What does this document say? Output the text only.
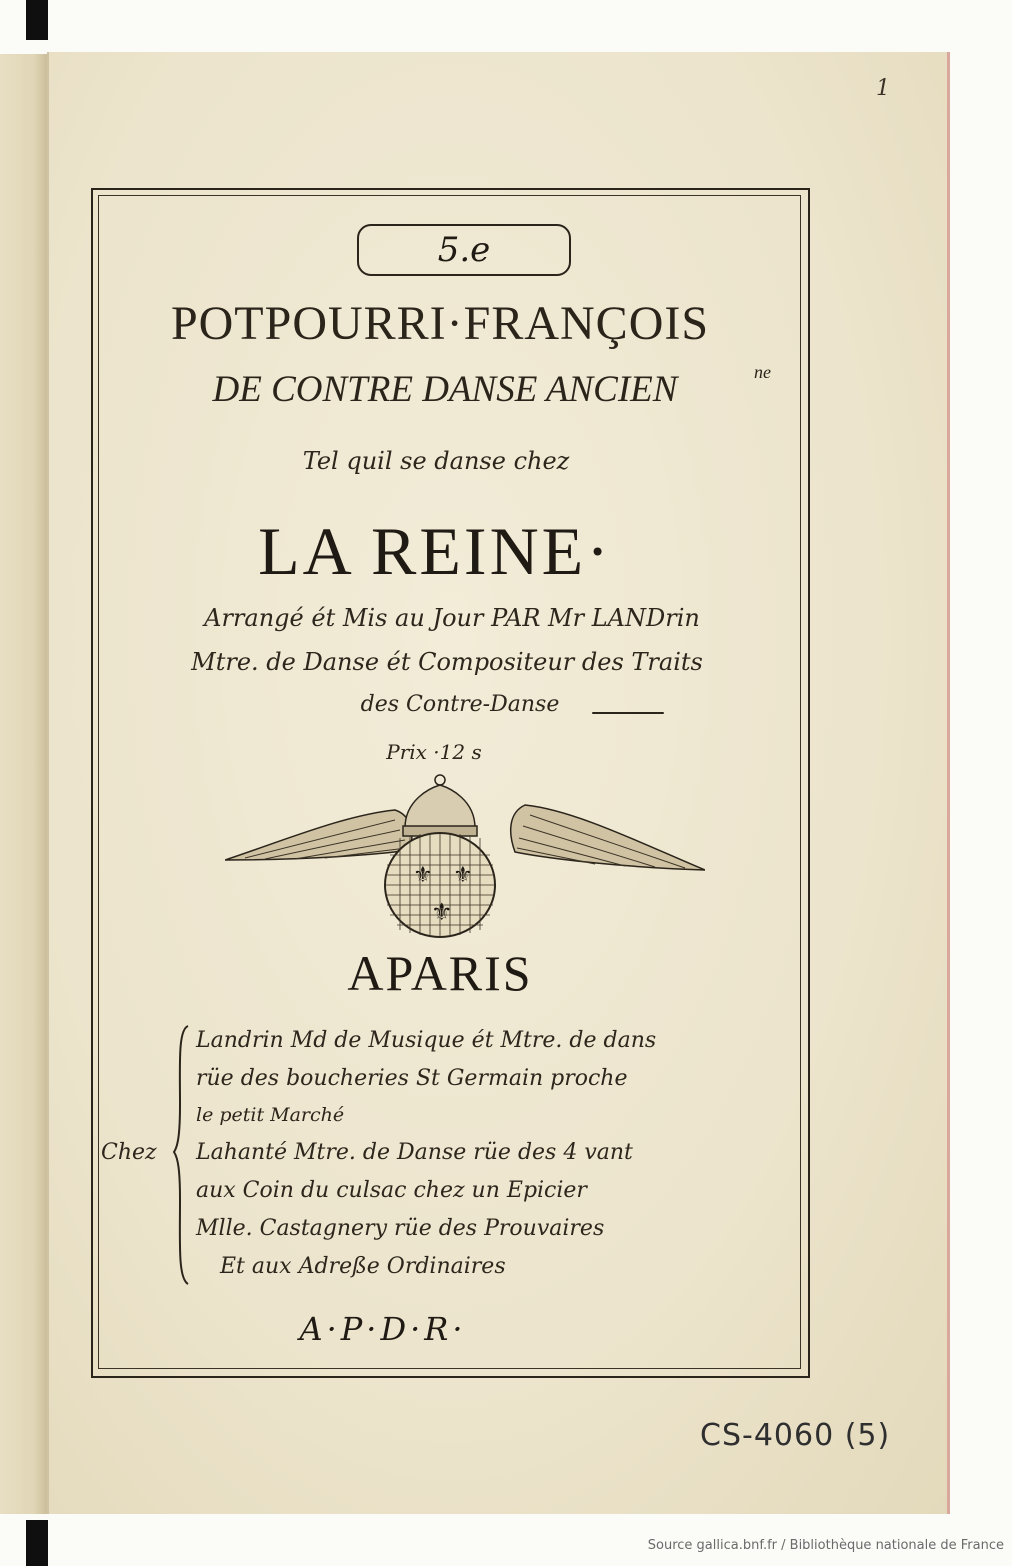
1
5.e
POTPOURRI·FRANÇOIS
DE CONTRE DANSE ANCIEN	ne
Tel quil se danse chez
LA REINE·
Arrangé ét Mis au Jour PAR Mr LANDrin
Mtre. de Danse ét Compositeur des Traits
des Contre-Danse
Prix ·12 s
⚜ ⚜
⚜
APARIS
Chez
Landrin Md de Musique ét Mtre. de dans
rüe des boucheries St Germain proche
le petit Marché
Lahanté Mtre. de Danse rüe des 4 vant
aux Coin du culsac chez un Epicier
Mlle. Castagnery rüe des Prouvaires
Et aux Adreße Ordinaires
A·P·D·R·
CS-4060 (5)
Source gallica.bnf.fr / Bibliothèque nationale de France
